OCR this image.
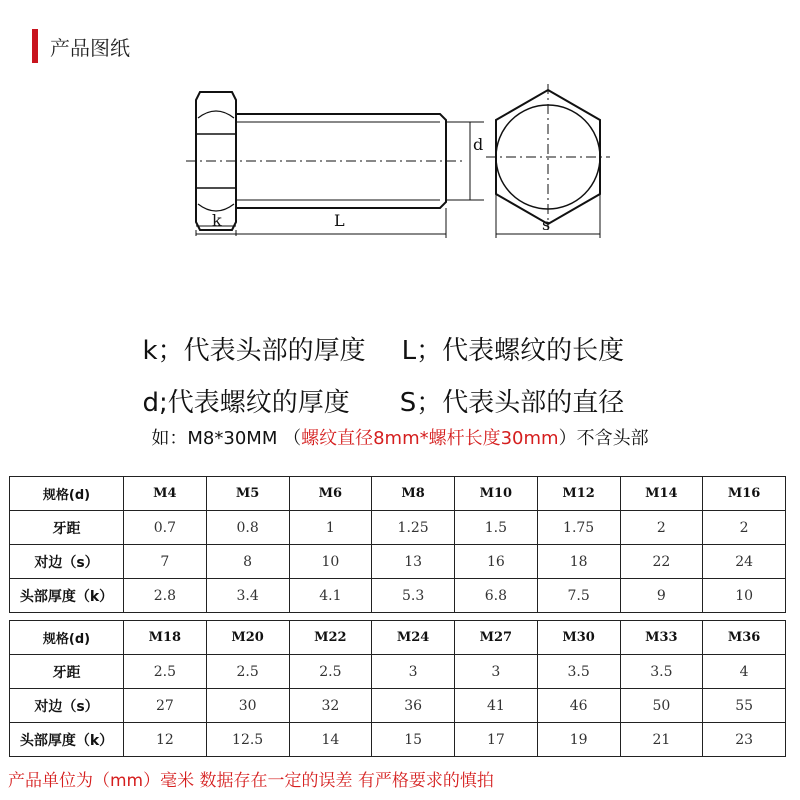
产品图纸
k	L
d
s

k；代表头部的厚度 L；代表螺纹的长度

d;代表螺纹的厚度 S；代表头部的直径

如：M8*30MM （螺纹直径8mm*螺杆长度30mm）不含头部
规格(d)	M4	M5	M6	M8	M10	M12	M14	M16
牙距	0.7	0.8	1	1.25	1.5	1.75	2	2
对边（s）	7	8	10	13	16	18	22	24
头部厚度（k）	2.8	3.4	4.1	5.3	6.8	7.5	9	10
规格(d)	M18	M20	M22	M24	M27	M30	M33	M36
牙距	2.5	2.5	2.5	3	3	3.5	3.5	4
对边（s）	27	30	32	36	41	46	50	55
头部厚度（k）	12	12.5	14	15	17	19	21	23
产品单位为（mm）毫米 数据存在一定的误差 有严格要求的慎拍
